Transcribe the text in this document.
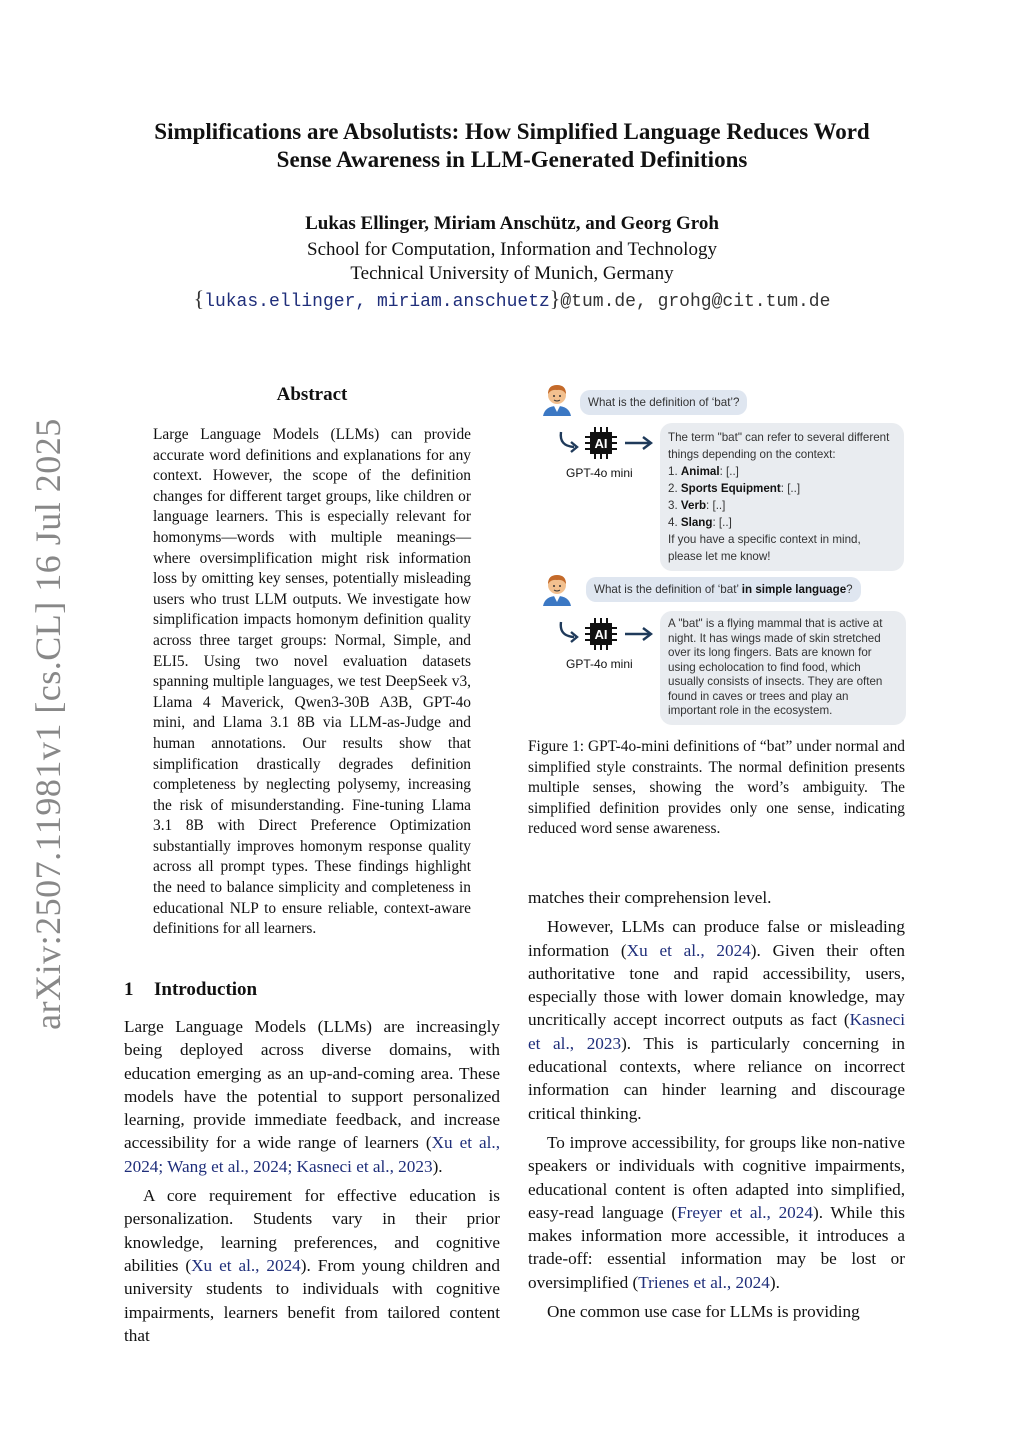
arXiv:2507.11981v1 [cs.CL] 16 Jul 2025
Simplifications are Absolutists: How Simplified Language Reduces Word
Sense Awareness in LLM-Generated Definitions
Lukas Ellinger, Miriam Anschütz, and Georg Groh
School for Computation, Information and Technology
Technical University of Munich, Germany
{lukas.ellinger, miriam.anschuetz}@tum.de, grohg@cit.tum.de
Abstract
Large Language Models (LLMs) can provide accurate word definitions and explanations for any context. However, the scope of the definition changes for different target groups, like children or language learners. This is especially relevant for homonyms—words with multiple meanings—where oversimplification might risk information loss by omitting key senses, potentially misleading users who trust LLM outputs. We investigate how simplification impacts homonym definition quality across three target groups: Normal, Simple, and ELI5. Using two novel evaluation datasets spanning multiple languages, we test DeepSeek v3, Llama 4 Maverick, Qwen3-30B A3B, GPT-4o mini, and Llama 3.1 8B via LLM-as-Judge and human annotations. Our results show that simplification drastically degrades definition completeness by neglecting polysemy, increasing the risk of misunderstanding. Fine-tuning Llama 3.1 8B with Direct Preference Optimization substantially improves homonym response quality across all prompt types. These findings highlight the need to balance simplicity and completeness in educational NLP to ensure reliable, context-aware definitions for all learners.
1 Introduction

Large Language Models (LLMs) are increasingly being deployed across diverse domains, with education emerging as an up-and-coming area. These models have the potential to support personalized learning, provide immediate feedback, and increase accessibility for a wide range of learners (Xu et al., 2024; Wang et al., 2024; Kasneci et al., 2023).

A core requirement for effective education is personalization. Students vary in their prior knowledge, learning preferences, and cognitive abilities (Xu et al., 2024). From young children and university students to individuals with cognitive impairments, learners benefit from tailored content that

What is the definition of ‘bat’?
AI
GPT-4o mini
The term "bat" can refer to several different things depending on the context:
1. Animal: [..]
2. Sports Equipment: [..]
3. Verb: [..]
4. Slang: [..]
If you have a specific context in mind, please let me know!
What is the definition of ‘bat’ in simple language?
AI
GPT-4o mini
A "bat" is a flying mammal that is active at night. It has wings made of skin stretched over its long fingers. Bats are known for using echolocation to find food, which usually consists of insects. They are often found in caves or trees and play an important role in the ecosystem.
Figure 1: GPT-4o-mini definitions of “bat” under normal and simplified style constraints. The normal definition presents multiple senses, showing the word’s ambiguity. The simplified definition provides only one sense, indicating reduced word sense awareness.

matches their comprehension level.

However, LLMs can produce false or misleading information (Xu et al., 2024). Given their often authoritative tone and rapid accessibility, users, especially those with lower domain knowledge, may uncritically accept incorrect outputs as fact (Kasneci et al., 2023). This is particularly concerning in educational contexts, where reliance on incorrect information can hinder learning and discourage critical thinking.

To improve accessibility, for groups like non-native speakers or individuals with cognitive impairments, educational content is often adapted into simplified, easy-read language (Freyer et al., 2024). While this makes information more accessible, it introduces a trade-off: essential information may be lost or oversimplified (Trienes et al., 2024).

One common use case for LLMs is providing
